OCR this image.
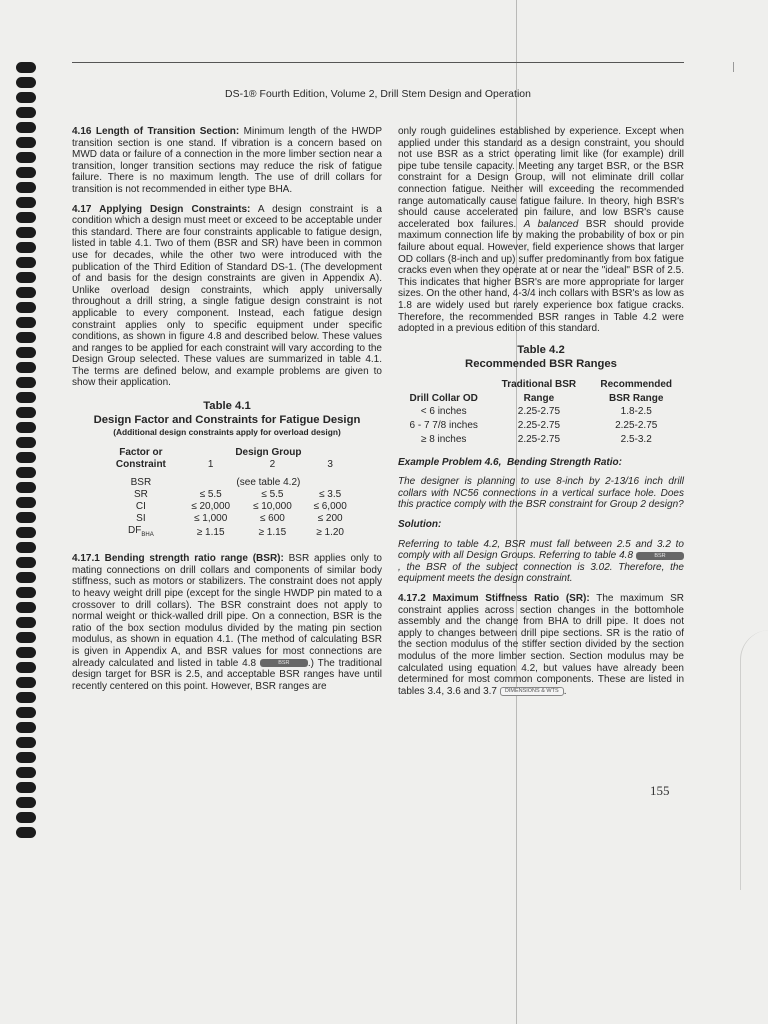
DS-1® Fourth Edition, Volume 2, Drill Stem Design and Operation

4.16 Length of Transition Section: Minimum length of the HWDP transition section is one stand. If vibration is a concern based on MWD data or failure of a connection in the more limber section near a transition, longer transition sections may reduce the risk of fatigue failure. There is no maximum length. The use of drill collars for transition is not recommended in either type BHA.

4.17 Applying Design Constraints: A design constraint is a condition which a design must meet or exceed to be acceptable under this standard. There are four constraints applicable to fatigue design, listed in table 4.1. Two of them (BSR and SR) have been in common use for decades, while the other two were introduced with the publication of the Third Edition of Standard DS-1. (The development of and basis for the design constraints are given in Appendix A). Unlike overload design constraints, which apply universally throughout a drill string, a single fatigue design constraint is not applicable to every component. Instead, each fatigue design constraint applies only to specific equipment under specific conditions, as shown in figure 4.8 and described below. These values and ranges to be applied for each constraint will vary according to the Design Group selected. These values are summarized in table 4.1. The terms are defined below, and example problems are given to show their application.

Table 4.1
Design Factor and Constraints for Fatigue Design
(Additional design constraints apply for overload design)
Factor or	Design Group		
Constraint	1	2	3

BSR	(see table 4.2)		
SR	≤ 5.5	≤ 5.5	≤ 3.5
CI	≤ 20,000	≤ 10,000	≤ 6,000
SI	≤ 1,000	≤ 600	≤ 200
$DF_{BHA}$	≥ 1.15	≥ 1.15	≥ 1.20

4.17.1 Bending strength ratio range (BSR): BSR applies only to mating connections on drill collars and components of similar body stiffness, such as motors or stabilizers. The constraint does not apply to heavy weight drill pipe (except for the single HWDP pin mated to a crossover to drill collars). The BSR constraint does not apply to normal weight or thick-walled drill pipe. On a connection, BSR is the ratio of the box section modulus divided by the mating pin section modulus, as shown in equation 4.1. (The method of calculating BSR is given in Appendix A, and BSR values for most connections are already calculated and listed in table 4.8	BSR .) The traditional design target for BSR is 2.5, and acceptable BSR ranges have until recently centered on this point. However, BSR ranges are

only rough guidelines established by experience. Except when applied under this standard as a design constraint, you should not use BSR as a strict operating limit like (for example) drill pipe tube tensile capacity. Meeting any target BSR, or the BSR constraint for a Design Group, will not eliminate drill collar connection fatigue. Neither will exceeding the recommended range automatically cause fatigue failure. In theory, high BSR's should cause accelerated pin failure, and low BSR's cause accelerated box failures. A balanced BSR should provide maximum connection life by making the probability of box or pin failure about equal. However, field experience shows that larger OD collars (8-inch and up) suffer predominantly from box fatigue cracks even when they operate at or near the "ideal" BSR of 2.5. This indicates that higher BSR's are more appropriate for larger sizes. On the other hand, 4-3/4 inch collars with BSR's as low as 1.8 are widely used but rarely experience box fatigue cracks. Therefore, the recommended BSR ranges in Table 4.2 were adopted in a previous edition of this standard.

Table 4.2
Recommended BSR Ranges
Drill Collar OD	Traditional BSR	Recommended
	Range	BSR Range
< 6 inches	2.25-2.75	1.8-2.5
6 - 7 7/8 inches	2.25-2.75	2.25-2.75
≥ 8 inches	2.25-2.75	2.5-3.2

Example Problem 4.6, Bending Strength Ratio:

The designer is planning to use 8-inch by 2-13/16 inch drill collars with NC56 connections in a vertical surface hole. Does this practice comply with the BSR constraint for Group 2 design?

Solution:

Referring to table 4.2, BSR must fall between 2.5 and 3.2 to comply with all Design Groups. Referring to table 4.8	BSR, the BSR of the subject connection is 3.02. Therefore, the equipment meets the design constraint.

4.17.2 Maximum Stiffness Ratio (SR): The maximum SR constraint applies across section changes in the bottomhole assembly and the change from BHA to drill pipe. It does not apply to changes between drill pipe sections. SR is the ratio of the section modulus of the stiffer section divided by the section modulus of the more limber section. Section modulus may be calculated using equation 4.2, but values have already been determined for most common components. These are listed in tables 3.4, 3.6 and 3.7 DIMENSIONS & WTS .

155
